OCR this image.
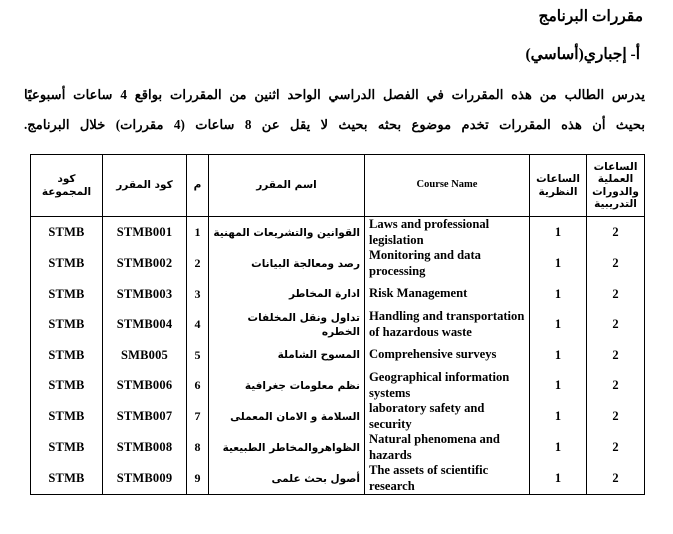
مقررات البرنامج
أ- إجباري(أساسي)

يدرس الطالب من هذه المقررات في الفصل الدراسي الواحد اثنين من المقررات بواقع 4 ساعات أسبوعيًا

بحيث أن هذه المقررات تخدم موضوع بحثه بحيث لا يقل عن 8 ساعات (4 مقررات) خلال البرنامج.

الساعات العملية والدورات التدريبية	الساعات النظرية	Course Name	اسم المقرر	م	كود المقرر	كود المجموعة
2	1	Laws and professional legislation	القوانين والتشريعات المهنية	1	STMB001	STMB
2	1	Monitoring and data processing	رصد ومعالجة البيانات	2	STMB002	STMB
2	1	Risk Management	ادارة المخاطر	3	STMB003	STMB
2	1	Handling and transportation of hazardous waste	تداول ونقل المخلفات الخطره	4	STMB004	STMB
2	1	Comprehensive surveys	المسوح الشاملة	5	SMB005	STMB
2	1	Geographical information systems	نظم معلومات جغرافية	6	STMB006	STMB
2	1	laboratory safety and security	السلامة و الامان المعملى	7	STMB007	STMB
2	1	Natural phenomena and hazards	الظواهروالمخاطر الطبيعية	8	STMB008	STMB
2	1	The assets of scientific research	أصول بحث علمى	9	STMB009	STMB
